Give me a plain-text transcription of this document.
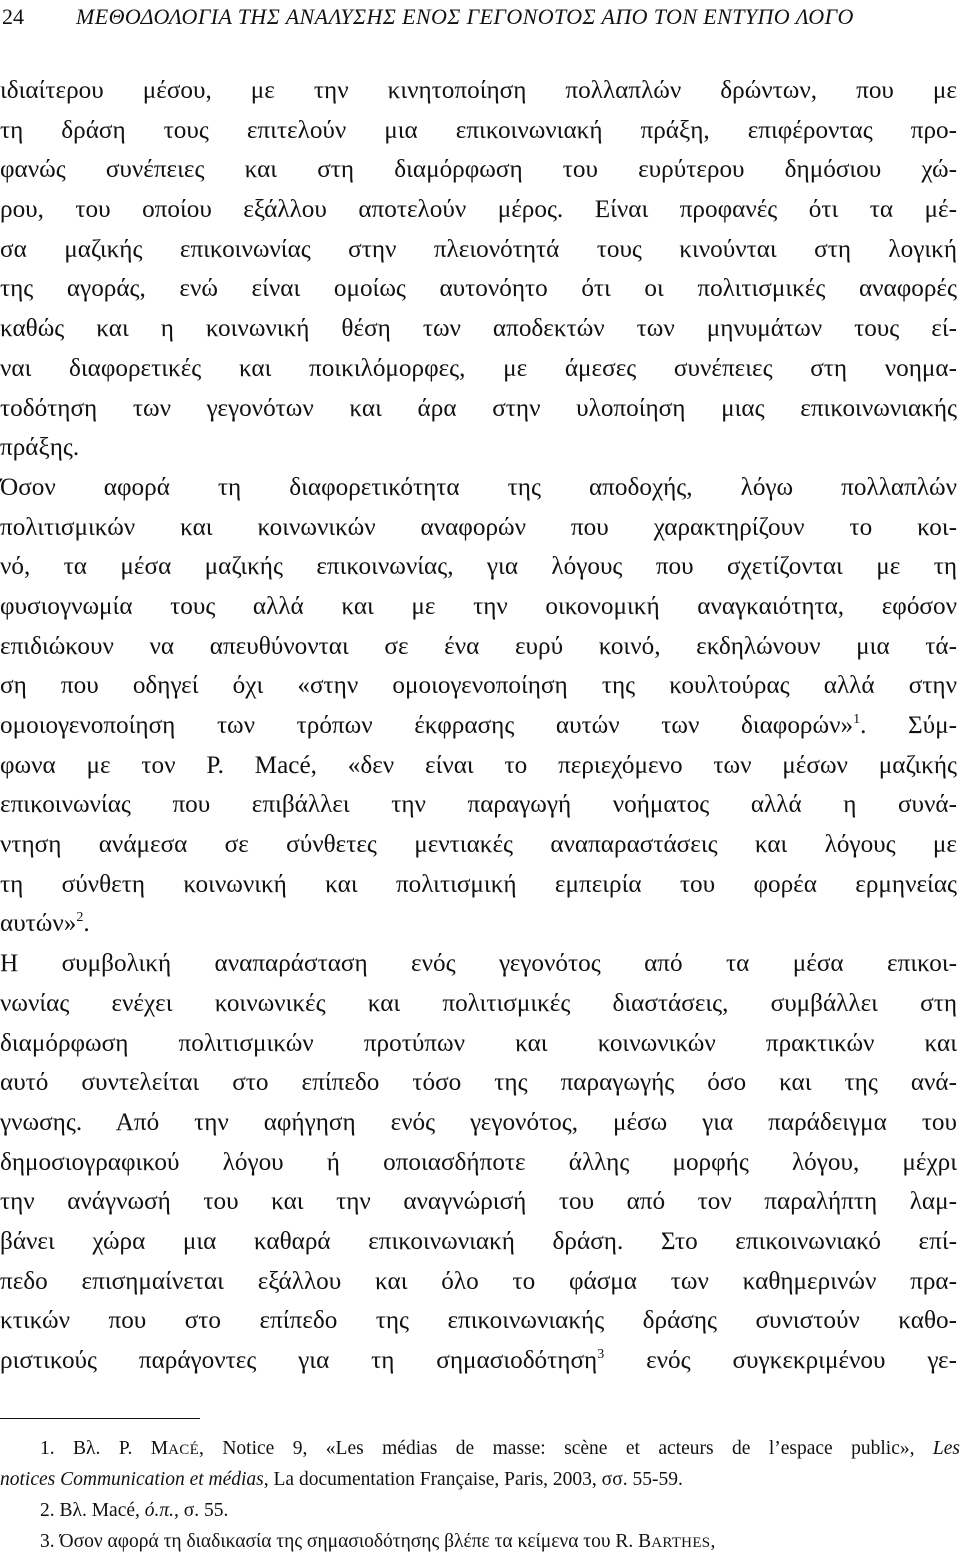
24 ΜΕΘΟΔΟΛΟΓΙΑ ΤΗΣ ΑΝΑΛΥΣΗΣ ΕΝΟΣ ΓΕΓΟΝΟΤΟΣ ΑΠΟ ΤΟΝ ΕΝΤΥΠΟ ΛΟΓΟ
ιδιαίτερου μέσου, με την κινητοποίηση πολλαπλών δρώντων, που με
τη δράση τους επιτελούν μια επικοινωνιακή πράξη, επιφέροντας προ-
φανώς συνέπειες και στη διαμόρφωση του ευρύτερου δημόσιου χώ-
ρου, του οποίου εξάλλου αποτελούν μέρος. Είναι προφανές ότι τα μέ-
σα μαζικής επικοινωνίας στην πλειονότητά τους κινούνται στη λογική
της αγοράς, ενώ είναι ομοίως αυτονόητο ότι οι πολιτισμικές αναφορές
καθώς και η κοινωνική θέση των αποδεκτών των μηνυμάτων τους εί-
ναι διαφορετικές και ποικιλόμορφες, με άμεσες συνέπειες στη νοημα-
τοδότηση των γεγονότων και άρα στην υλοποίηση μιας επικοινωνιακής
πράξης.
Όσον αφορά τη διαφορετικότητα της αποδοχής, λόγω πολλαπλών
πολιτισμικών και κοινωνικών αναφορών που χαρακτηρίζουν το κοι-
νό, τα μέσα μαζικής επικοινωνίας, για λόγους που σχετίζονται με τη
φυσιογνωμία τους αλλά και με την οικονομική αναγκαιότητα, εφόσον
επιδιώκουν να απευθύνονται σε ένα ευρύ κοινό, εκδηλώνουν μια τά-
ση που οδηγεί όχι «στην ομοιογενοποίηση της κουλτούρας αλλά στην
ομοιογενοποίηση των τρόπων έκφρασης αυτών των διαφορών»$^1$. Σύμ-
φωνα με τον P. Macé, «δεν είναι το περιεχόμενο των μέσων μαζικής
επικοινωνίας που επιβάλλει την παραγωγή νοήματος αλλά η συνά-
ντηση ανάμεσα σε σύνθετες μεντιακές αναπαραστάσεις και λόγους με
τη σύνθετη κοινωνική και πολιτισμική εμπειρία του φορέα ερμηνείας
αυτών»$^2$.
Η συμβολική αναπαράσταση ενός γεγονότος από τα μέσα επικοι-
νωνίας ενέχει κοινωνικές και πολιτισμικές διαστάσεις, συμβάλλει στη
διαμόρφωση πολιτισμικών προτύπων και κοινωνικών πρακτικών και
αυτό συντελείται στο επίπεδο τόσο της παραγωγής όσο και της ανά-
γνωσης. Από την αφήγηση ενός γεγονότος, μέσω για παράδειγμα του
δημοσιογραφικού λόγου ή οποιασδήποτε άλλης μορφής λόγου, μέχρι
την ανάγνωσή του και την αναγνώρισή του από τον παραλήπτη λαμ-
βάνει χώρα μια καθαρά επικοινωνιακή δράση. Στο επικοινωνιακό επί-
πεδο επισημαίνεται εξάλλου και όλο το φάσμα των καθημερινών πρα-
κτικών που στο επίπεδο της επικοινωνιακής δράσης συνιστούν καθο-
ριστικούς παράγοντες για τη σημασιοδότηση$^3$ ενός συγκεκριμένου γε-
1. Βλ. P. MACÉ, Notice 9, «Les médias de masse: scène et acteurs de l’espace public», Les
notices Communication et médias, La documentation Française, Paris, 2003, σσ. 55-59.
2. Βλ. Macé, ό.π., σ. 55.
3. Όσον αφορά τη διαδικασία της σημασιοδότησης βλέπε τα κείμενα του R. BARTHES,
